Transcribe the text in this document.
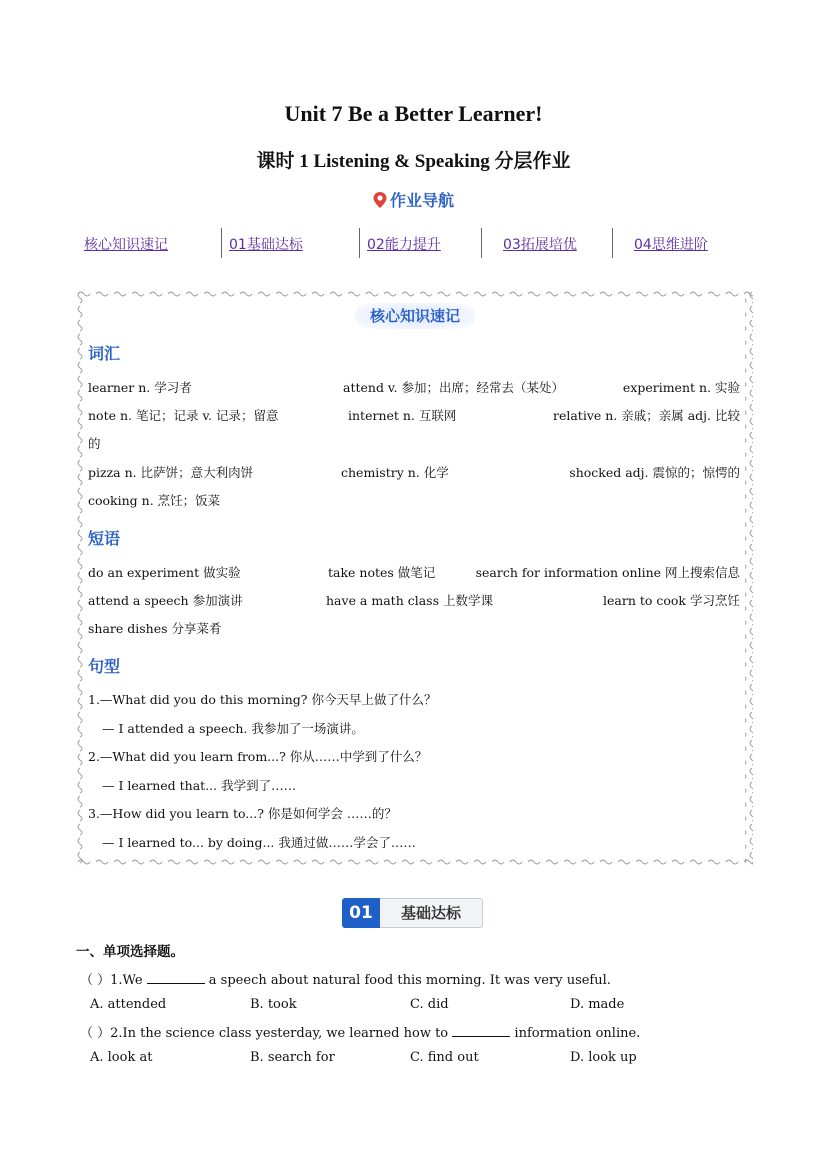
Unit 7 Be a Better Learner!
课时 1 Listening & Speaking 分层作业
作业导航
核心知识速记	01基础达标	02能力提升	03拓展培优	04思维进阶
核心知识速记
词汇
learner n. 学习者	attend v. 参加；出席；经常去（某处）	experiment n. 实验
note n. 笔记；记录 v. 记录；留意	internet n. 互联网	relative n. 亲戚；亲属 adj. 比较
的
pizza n. 比萨饼；意大利肉饼	chemistry n. 化学	shocked adj. 震惊的；惊愕的
cooking n. 烹饪；饭菜
短语
do an experiment 做实验	take notes 做笔记	search for information online 网上搜索信息
attend a speech 参加演讲	have a math class 上数学课	learn to cook 学习烹饪
share dishes 分享菜肴
句型
1.—What did you do this morning? 你今天早上做了什么？
— I attended a speech. 我参加了一场演讲。
2.—What did you learn from...? 你从……中学到了什么？
— I learned that... 我学到了……
3.—How did you learn to...? 你是如何学会 ……的？
— I learned to... by doing... 我通过做……学会了……
01	基础达标
一、单项选择题。
（ ）1.We	a speech about natural food this morning. It was very useful.
A. attended	B. took	C. did	D. made
（ ）2.In the science class yesterday, we learned how to	information online.
A. look at	B. search for	C. find out	D. look up
